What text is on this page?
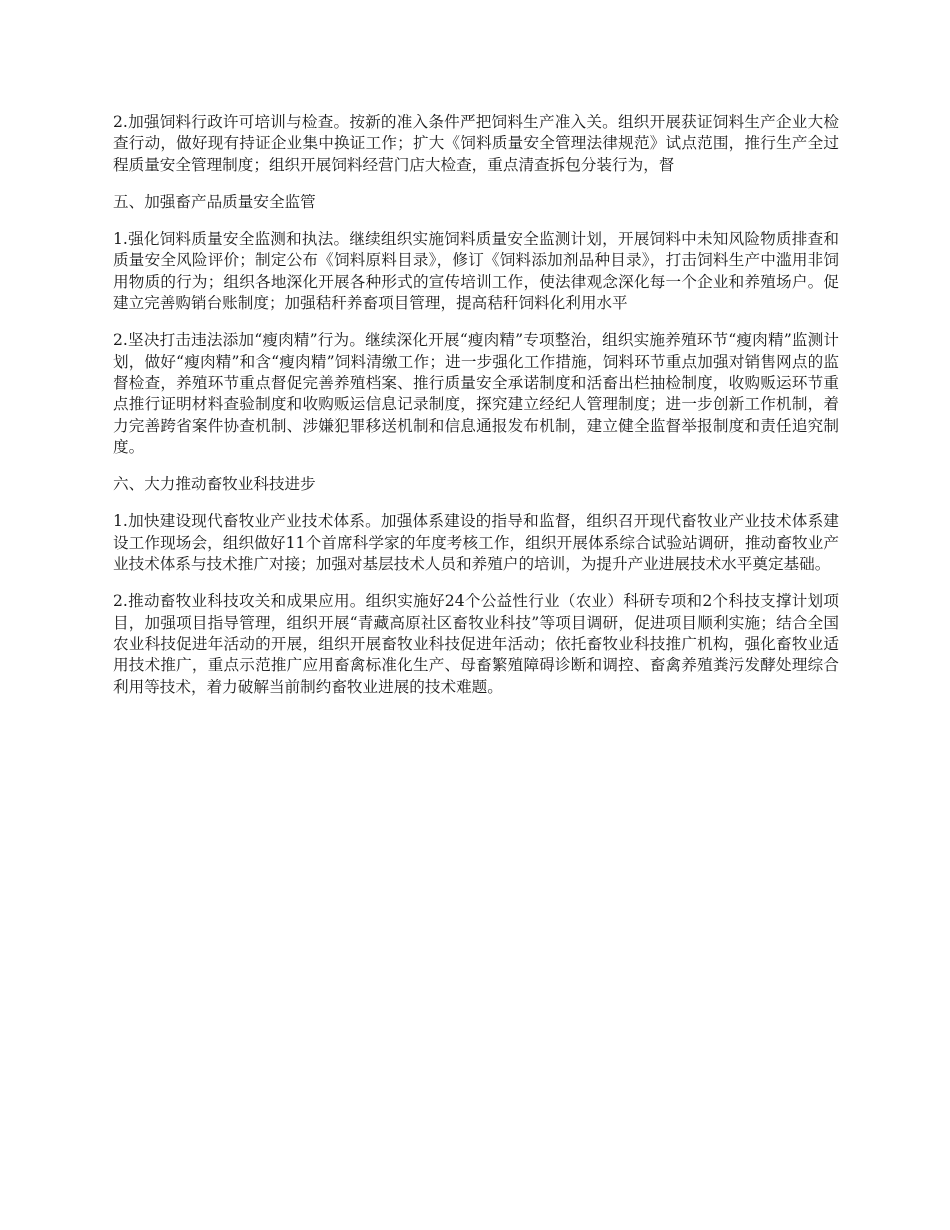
2.加强饲料行政许可培训与检查。按新的准入条件严把饲料生产准入关。组织开展获证饲料生产企业大检查行动，做好现有持证企业集中换证工作；扩大《饲料质量安全管理法律规范》试点范围，推行生产全过程质量安全管理制度；组织开展饲料经营门店大检查，重点清查拆包分装行为，督

五、加强畜产品质量安全监管

1.强化饲料质量安全监测和执法。继续组织实施饲料质量安全监测计划，开展饲料中未知风险物质排查和质量安全风险评价；制定公布《饲料原料目录》，修订《饲料添加剂品种目录》，打击饲料生产中滥用非饲用物质的行为；组织各地深化开展各种形式的宣传培训工作，使法律观念深化每一个企业和养殖场户。促建立完善购销台账制度；加强秸秆养畜项目管理，提高秸秆饲料化利用水平

2.坚决打击违法添加“瘦肉精”行为。继续深化开展“瘦肉精”专项整治，组织实施养殖环节“瘦肉精”监测计划，做好“瘦肉精”和含“瘦肉精”饲料清缴工作；进一步强化工作措施，饲料环节重点加强对销售网点的监督检查，养殖环节重点督促完善养殖档案、推行质量安全承诺制度和活畜出栏抽检制度，收购贩运环节重点推行证明材料查验制度和收购贩运信息记录制度，探究建立经纪人管理制度；进一步创新工作机制，着力完善跨省案件协查机制、涉嫌犯罪移送机制和信息通报发布机制，建立健全监督举报制度和责任追究制度。

六、大力推动畜牧业科技进步

1.加快建设现代畜牧业产业技术体系。加强体系建设的指导和监督，组织召开现代畜牧业产业技术体系建设工作现场会，组织做好11个首席科学家的年度考核工作，组织开展体系综合试验站调研，推动畜牧业产业技术体系与技术推广对接；加强对基层技术人员和养殖户的培训，为提升产业进展技术水平奠定基础。

2.推动畜牧业科技攻关和成果应用。组织实施好24个公益性行业（农业）科研专项和2个科技支撑计划项目，加强项目指导管理，组织开展“青藏高原社区畜牧业科技”等项目调研，促进项目顺利实施；结合全国农业科技促进年活动的开展，组织开展畜牧业科技促进年活动；依托畜牧业科技推广机构，强化畜牧业适用技术推广，重点示范推广应用畜禽标准化生产、母畜繁殖障碍诊断和调控、畜禽养殖粪污发酵处理综合利用等技术，着力破解当前制约畜牧业进展的技术难题。
